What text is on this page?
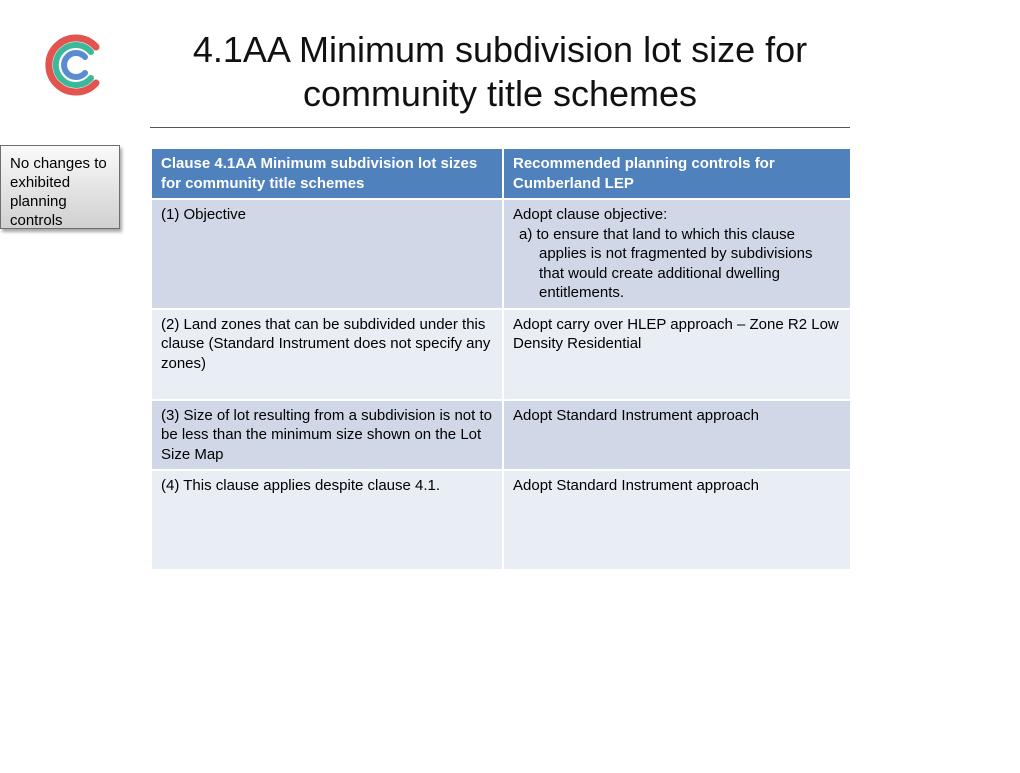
4.1AA Minimum subdivision lot size for
community title schemes
No changes to exhibited planning controls
Clause 4.1AA Minimum subdivision lot sizes for community title schemes	Recommended planning controls for Cumberland LEP
(1) Objective	Adopt clause objective:

a) to ensure that land to which this clause applies is not fragmented by subdivisions that would create additional dwelling entitlements.

(2) Land zones that can be subdivided under this clause (Standard Instrument does not specify any zones)	Adopt carry over HLEP approach – Zone R2 Low Density Residential
(3) Size of lot resulting from a subdivision is not to be less than the minimum size shown on the Lot Size Map	Adopt Standard Instrument approach
(4) This clause applies despite clause 4.1.	Adopt Standard Instrument approach
